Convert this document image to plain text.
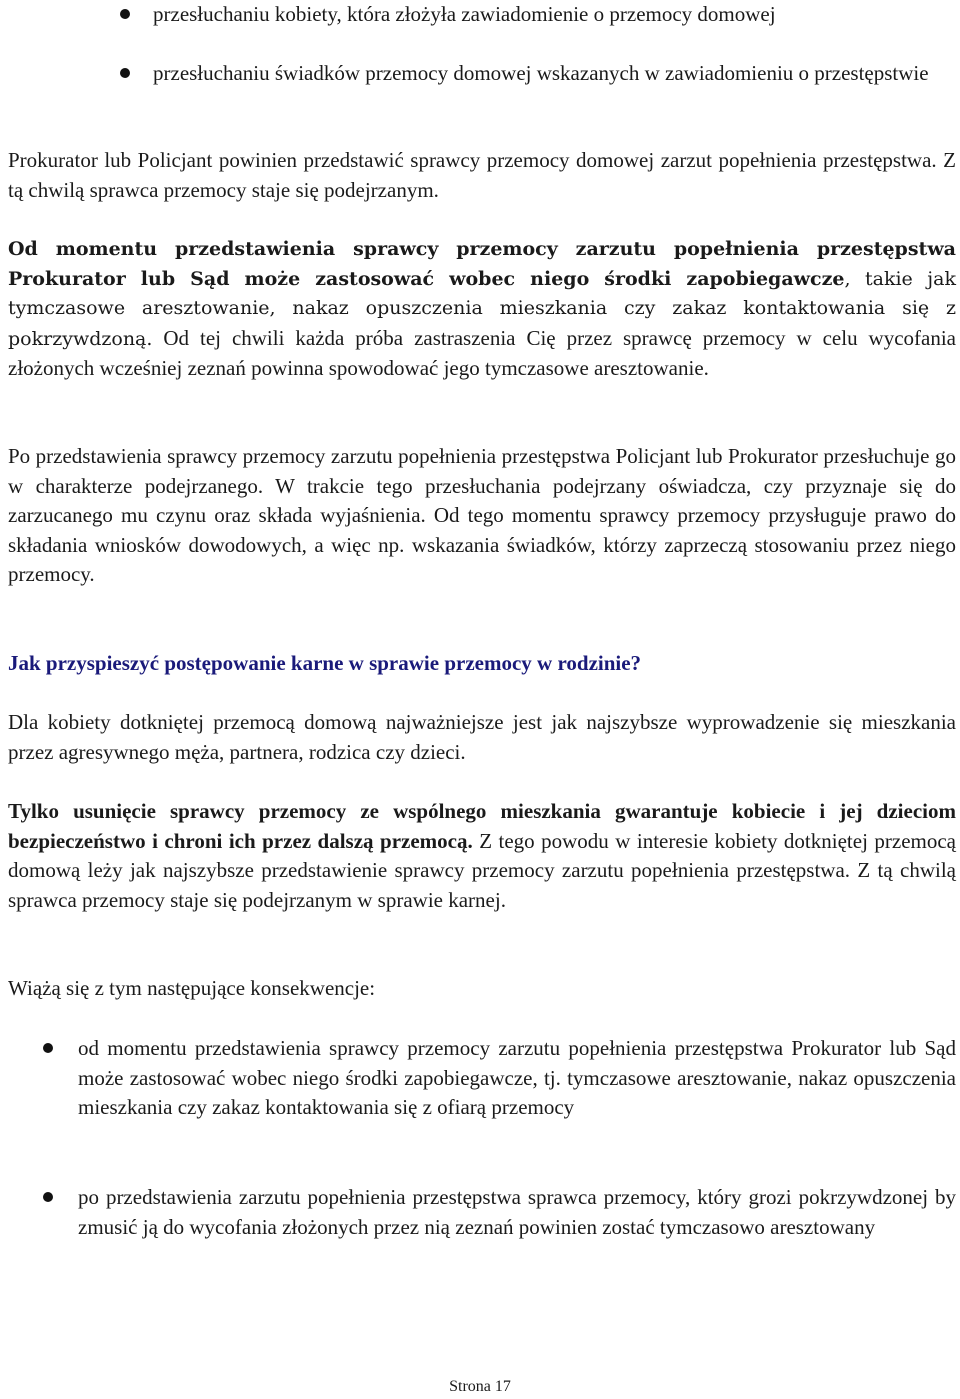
przesłuchaniu kobiety, która złożyła zawiadomienie o przemocy domowej
przesłuchaniu świadków przemocy domowej wskazanych w zawiadomieniu o przestępstwie

Prokurator lub Policjant powinien przedstawić sprawcy przemocy domowej zarzut popełnienia przestępstwa. Z tą chwilą sprawca przemocy staje się podejrzanym.

Od momentu przedstawienia sprawcy przemocy zarzutu popełnienia przestępstwa Prokurator lub Sąd może zastosować wobec niego środki zapobiegawcze, takie jak tymczasowe aresztowanie, nakaz opuszczenia mieszkania czy zakaz kontaktowania się z pokrzywdzoną. Od tej chwili każda próba zastraszenia Cię przez sprawcę przemocy w celu wycofania złożonych wcześniej zeznań powinna spowodować jego tymczasowe aresztowanie.

Po przedstawienia sprawcy przemocy zarzutu popełnienia przestępstwa Policjant lub Prokurator przesłuchuje go w charakterze podejrzanego. W trakcie tego przesłuchania podejrzany oświadcza, czy przyznaje się do zarzucanego mu czynu oraz składa wyjaśnienia. Od tego momentu sprawcy przemocy przysługuje prawo do składania wniosków dowodowych, a więc np. wskazania świadków, którzy zaprzeczą stosowaniu przez niego przemocy.

Jak przyspieszyć postępowanie karne w sprawie przemocy w rodzinie?

Dla kobiety dotkniętej przemocą domową najważniejsze jest jak najszybsze wyprowadzenie się mieszkania przez agresywnego męża, partnera, rodzica czy dzieci.

Tylko usunięcie sprawcy przemocy ze wspólnego mieszkania gwarantuje kobiecie i jej dzieciom bezpieczeństwo i chroni ich przez dalszą przemocą. Z tego powodu w interesie kobiety dotkniętej przemocą domową leży jak najszybsze przedstawienie sprawcy przemocy zarzutu popełnienia przestępstwa. Z tą chwilą sprawca przemocy staje się podejrzanym w sprawie karnej.

Wiążą się z tym następujące konsekwencje:

od momentu przedstawienia sprawcy przemocy zarzutu popełnienia przestępstwa Prokurator lub Sąd może zastosować wobec niego środki zapobiegawcze, tj. tymczasowe aresztowanie, nakaz opuszczenia mieszkania czy zakaz kontaktowania się z ofiarą przemocy
po przedstawienia zarzutu popełnienia przestępstwa sprawca przemocy, który grozi pokrzywdzonej by zmusić ją do wycofania złożonych przez nią zeznań powinien zostać tymczasowo aresztowany
Strona 17
